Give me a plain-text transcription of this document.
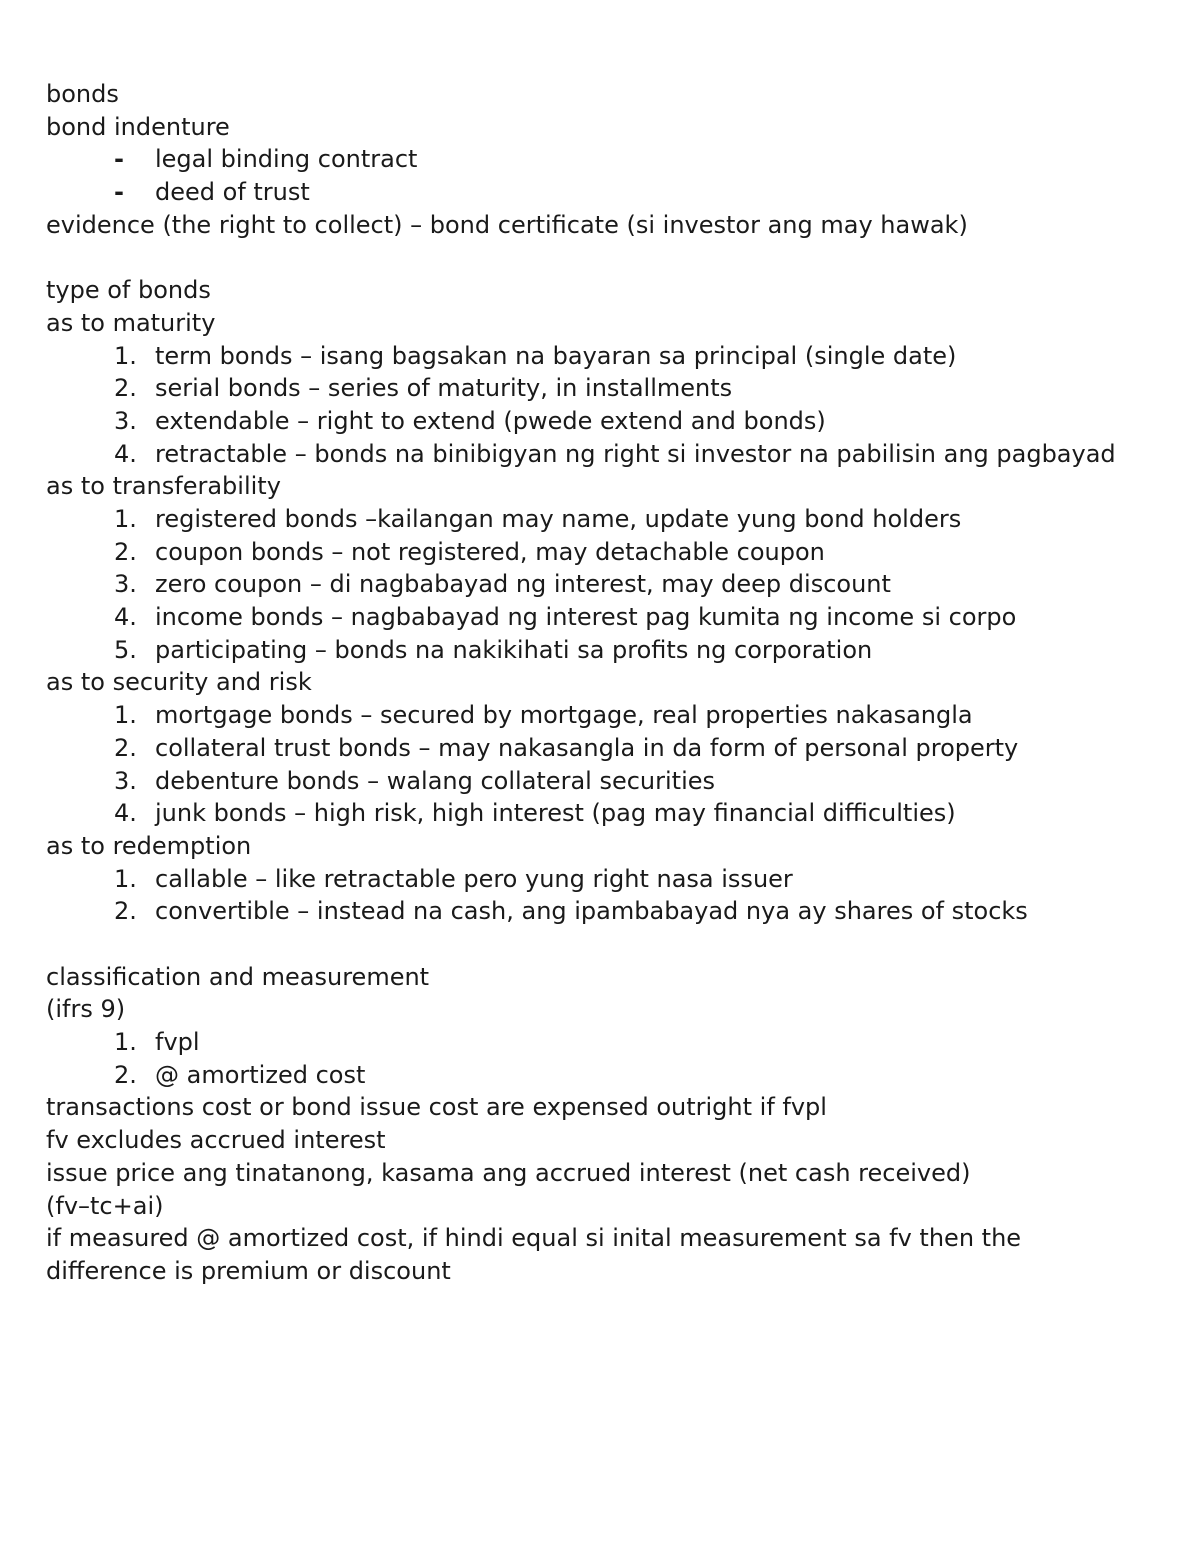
bonds
bond indenture
- legal binding contract
- deed of trust
evidence (the right to collect) – bond certificate (si investor ang may hawak)
type of bonds
as to maturity
1. term bonds – isang bagsakan na bayaran sa principal (single date)
2. serial bonds – series of maturity, in installments
3. extendable – right to extend (pwede extend and bonds)
4. retractable – bonds na binibigyan ng right si investor na pabilisin ang pagbayad
as to transferability
1. registered bonds –kailangan may name, update yung bond holders
2. coupon bonds – not registered, may detachable coupon
3. zero coupon – di nagbabayad ng interest, may deep discount
4. income bonds – nagbabayad ng interest pag kumita ng income si corpo
5. participating – bonds na nakikihati sa profits ng corporation
as to security and risk
1. mortgage bonds – secured by mortgage, real properties nakasangla
2. collateral trust bonds – may nakasangla in da form of personal property
3. debenture bonds – walang collateral securities
4. junk bonds – high risk, high interest (pag may financial difficulties)
as to redemption
1. callable – like retractable pero yung right nasa issuer
2. convertible – instead na cash, ang ipambabayad nya ay shares of stocks
classification and measurement
(ifrs 9)
1. fvpl
2. @ amortized cost
transactions cost or bond issue cost are expensed outright if fvpl
fv excludes accrued interest
issue price ang tinatanong, kasama ang accrued interest (net cash received)
(fv–tc+ai)
if measured @ amortized cost, if hindi equal si inital measurement sa fv then the
difference is premium or discount
